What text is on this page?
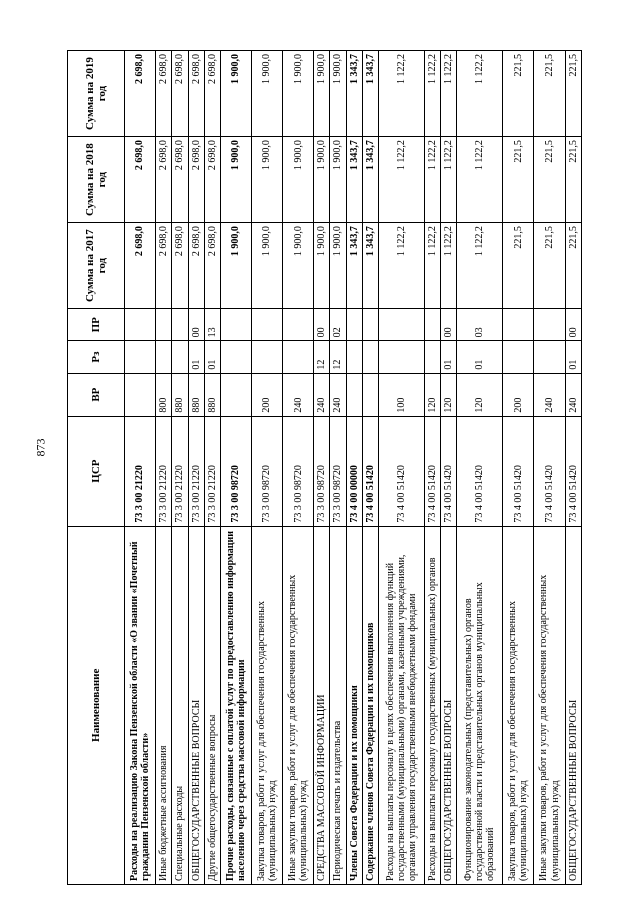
873
Наименование	ЦСР	ВР	Рз	ПР	Сумма на 2017 год	Сумма на 2018 год	Сумма на 2019 год
Расходы на реализацию Закона Пензенской области «О звании «Почетный гражданин Пензенской области»	73 3 00 21220				2 698,0	2 698,0	2 698,0
Иные бюджетные ассигнования	73 3 00 21220	800			2 698,0	2 698,0	2 698,0
Специальные расходы	73 3 00 21220	880			2 698,0	2 698,0	2 698,0
ОБЩЕГОСУДАРСТВЕННЫЕ ВОПРОСЫ	73 3 00 21220	880	01	00	2 698,0	2 698,0	2 698,0
Другие общегосударственные вопросы	73 3 00 21220	880	01	13	2 698,0	2 698,0	2 698,0
Прочие расходы, связанные с оплатой услуг по предоставлению информации населению через средства массовой информации	73 3 00 98720				1 900,0	1 900,0	1 900,0
Закупка товаров, работ и услуг для обеспечения государственных (муниципальных) нужд	73 3 00 98720	200			1 900,0	1 900,0	1 900,0
Иные закупки товаров, работ и услуг для обеспечения государственных (муниципальных) нужд	73 3 00 98720	240			1 900,0	1 900,0	1 900,0
СРЕДСТВА МАССОВОЙ ИНФОРМАЦИИ	73 3 00 98720	240	12	00	1 900,0	1 900,0	1 900,0
Периодическая печать и издательства	73 3 00 98720	240	12	02	1 900,0	1 900,0	1 900,0
Члены Совета Федерации и их помощники	73 4 00 00000				1 343,7	1 343,7	1 343,7
Содержание членов Совета Федерации и их помощников	73 4 00 51420				1 343,7	1 343,7	1 343,7
Расходы на выплаты персоналу в целях обеспечения выполнения функций государственными (муниципальными) органами, казенными учреждениями, органами управления государственными внебюджетными фондами	73 4 00 51420	100			1 122,2	1 122,2	1 122,2
Расходы на выплаты персоналу государственных (муниципальных) органов	73 4 00 51420	120			1 122,2	1 122,2	1 122,2
ОБЩЕГОСУДАРСТВЕННЫЕ ВОПРОСЫ	73 4 00 51420	120	01	00	1 122,2	1 122,2	1 122,2
Функционирование законодательных (представительных) органов государственной власти и представительных органов муниципальных образований	73 4 00 51420	120	01	03	1 122,2	1 122,2	1 122,2
Закупка товаров, работ и услуг для обеспечения государственных (муниципальных) нужд	73 4 00 51420	200			221,5	221,5	221,5
Иные закупки товаров, работ и услуг для обеспечения государственных (муниципальных) нужд	73 4 00 51420	240			221,5	221,5	221,5
ОБЩЕГОСУДАРСТВЕННЫЕ ВОПРОСЫ	73 4 00 51420	240	01	00	221,5	221,5	221,5
